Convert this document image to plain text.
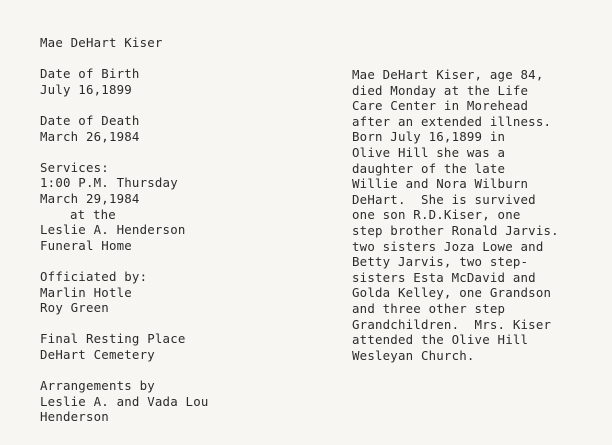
Mae DeHart Kiser
Date of Birth
July 16,1899
Date of Death
March 26,1984
Services:
1:00 P.M. Thursday
March 29,1984
at the
Leslie A. Henderson
Funeral Home
Officiated by:
Marlin Hotle
Roy Green
Final Resting Place
DeHart Cemetery
Arrangements by
Leslie A. and Vada Lou
Henderson
Mae DeHart Kiser, age 84,
died Monday at the Life
Care Center in Morehead
after an extended illness.
Born July 16,1899 in
Olive Hill she was a
daughter of the late
Willie and Nora Wilburn
DeHart.  She is survived
one son R.D.Kiser, one
step brother Ronald Jarvis.
two sisters Joza Lowe and
Betty Jarvis, two step-
sisters Esta McDavid and
Golda Kelley, one Grandson
and three other step
Grandchildren.  Mrs. Kiser
attended the Olive Hill
Wesleyan Church.
